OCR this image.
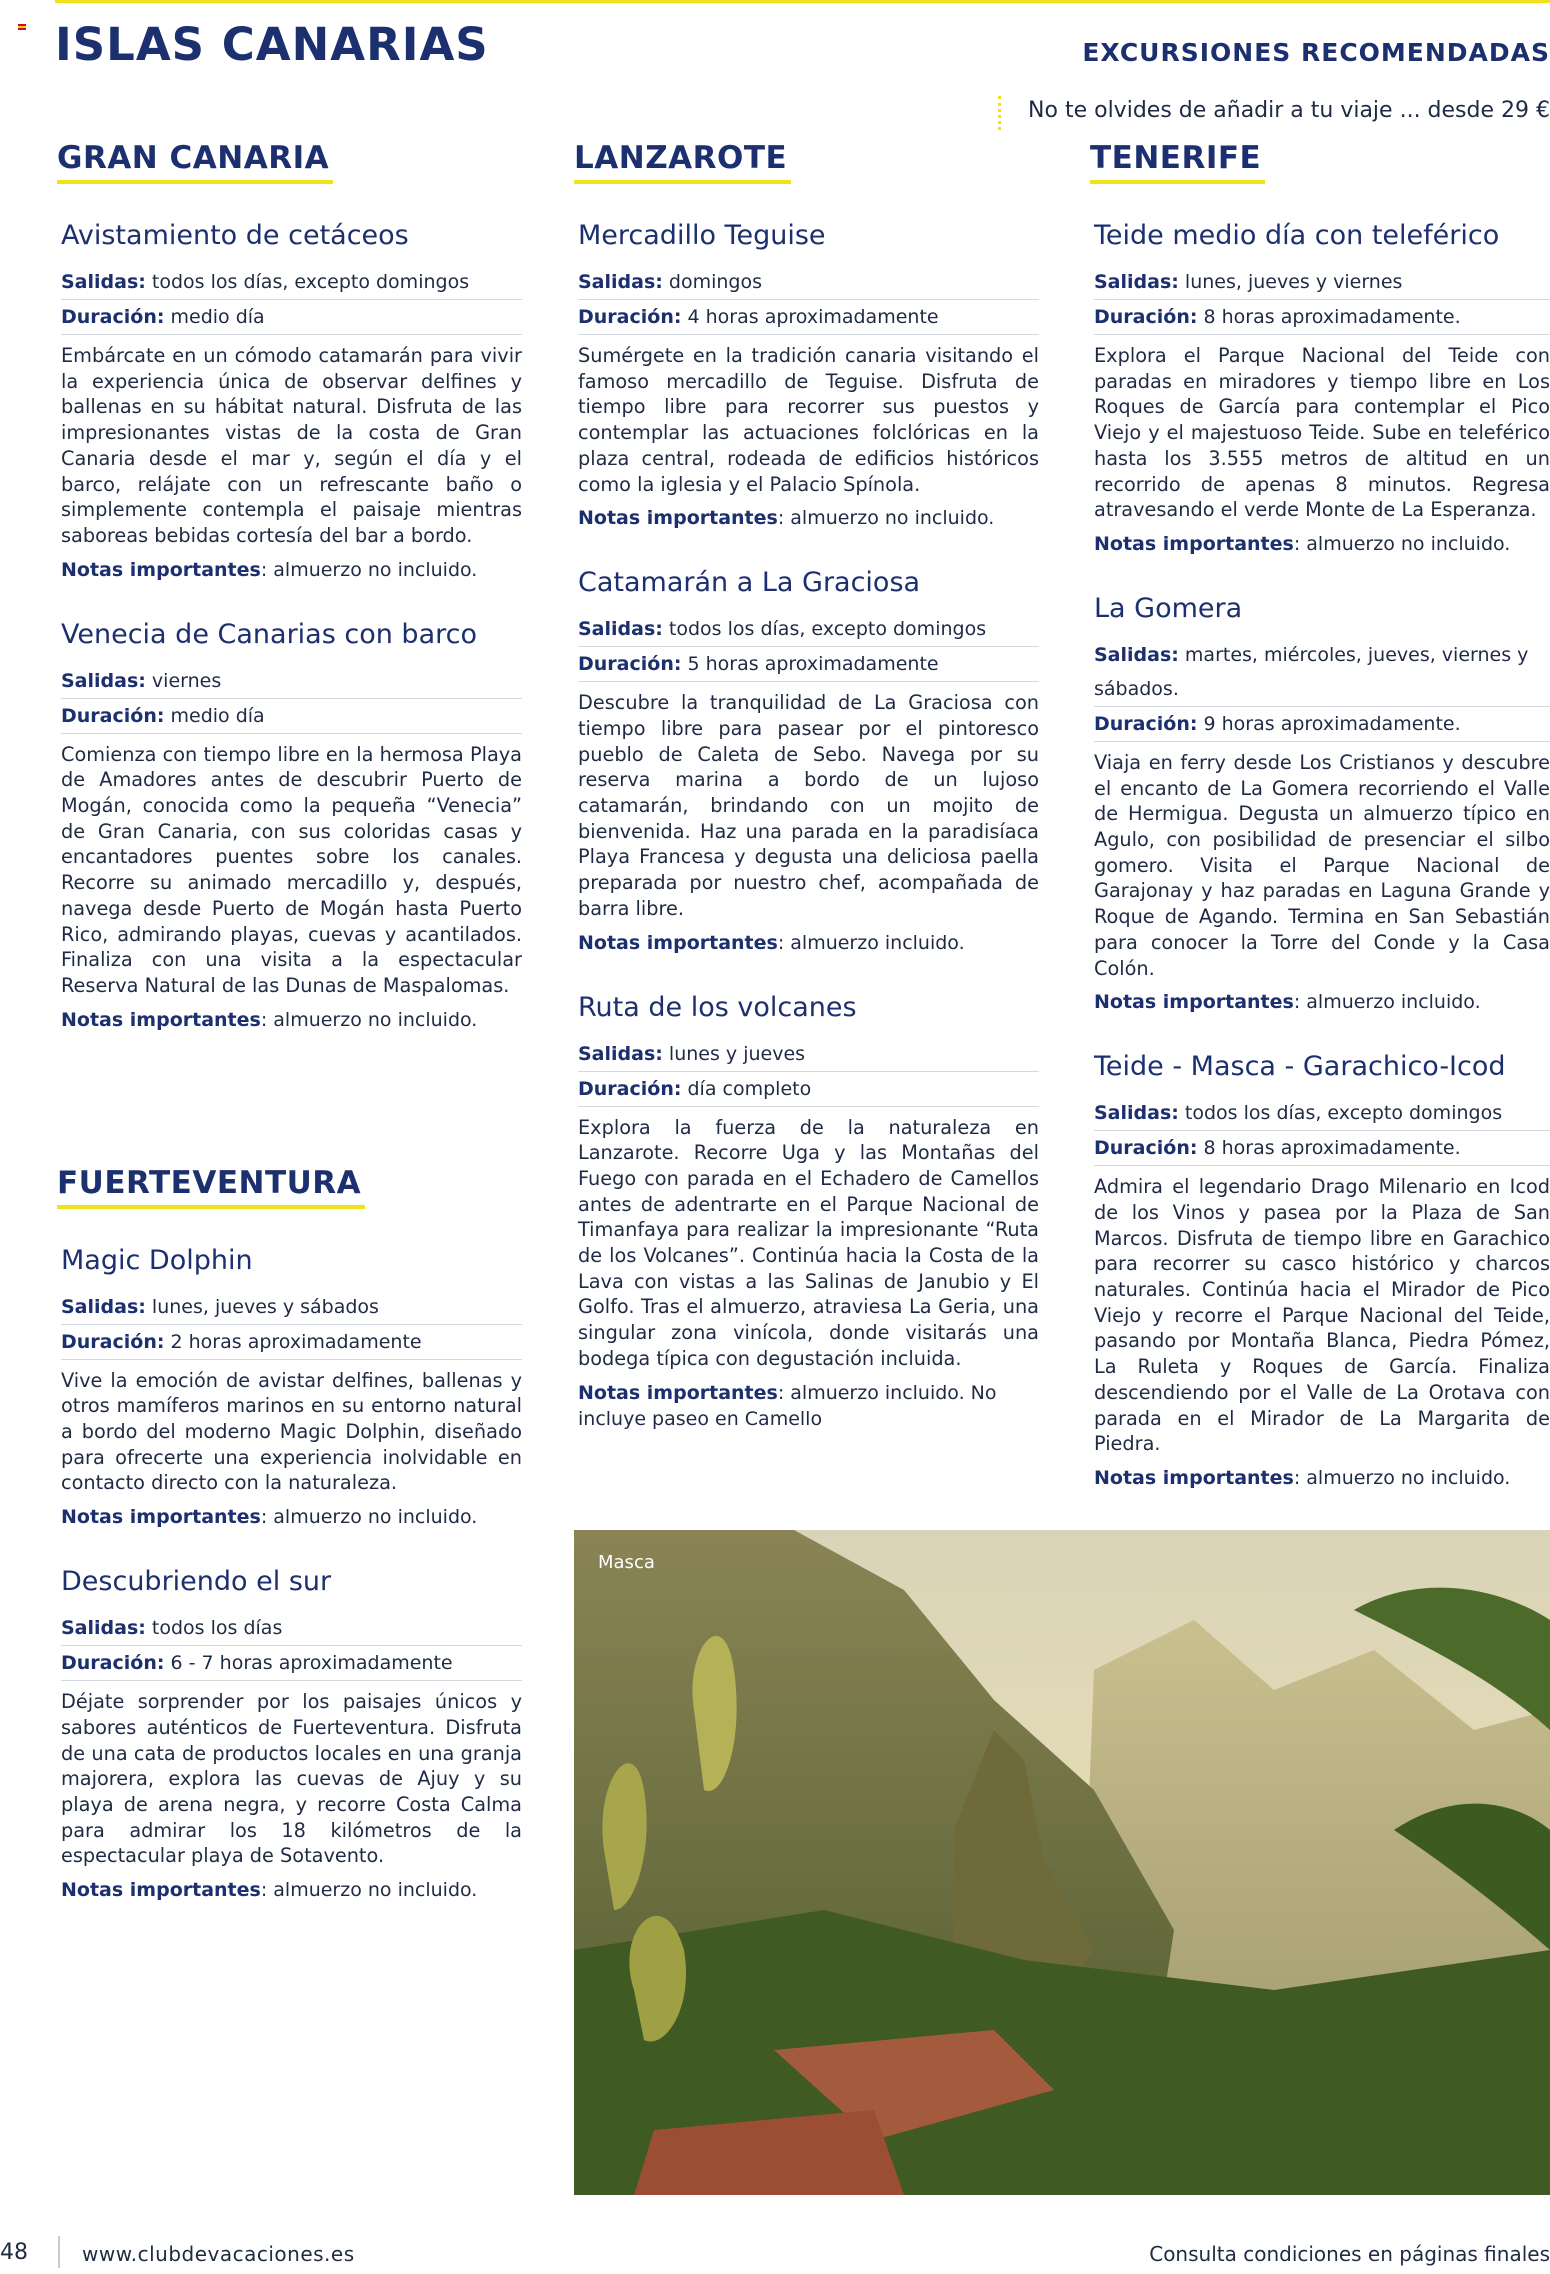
ISLAS CANARIAS	EXCURSIONES RECOMENDADAS
No te olvides de añadir a tu viaje ... desde 29 €
GRAN CANARIA
Avistamiento de cetáceos
Salidas: todos los días, excepto domingos
Duración: medio día

Embárcate en un cómodo catamarán para vivir la experiencia única de observar delfines y ballenas en su hábitat natural. Disfruta de las impresionantes vistas de la costa de Gran Canaria desde el mar y, según el día y el barco, relájate con un refrescante baño o simplemente contempla el paisaje mientras saboreas bebidas cortesía del bar a bordo.

Notas importantes: almuerzo no incluido.
Venecia de Canarias con barco
Salidas: viernes
Duración: medio día

Comienza con tiempo libre en la hermosa Playa de Amadores antes de descubrir Puerto de Mogán, conocida como la pequeña “Venecia” de Gran Canaria, con sus coloridas casas y encantadores puentes sobre los canales. Recorre su animado mercadillo y, después, navega desde Puerto de Mogán hasta Puerto Rico, admirando playas, cuevas y acantilados. Finaliza con una visita a la espectacular Reserva Natural de las Dunas de Maspalomas.

Notas importantes: almuerzo no incluido.
FUERTEVENTURA
Magic Dolphin
Salidas: lunes, jueves y sábados
Duración: 2 horas aproximadamente

Vive la emoción de avistar delfines, ballenas y otros mamíferos marinos en su entorno natural a bordo del moderno Magic Dolphin, diseñado para ofrecerte una experiencia inolvidable en contacto directo con la naturaleza.

Notas importantes: almuerzo no incluido.
Descubriendo el sur
Salidas: todos los días
Duración: 6 - 7 horas aproximadamente

Déjate sorprender por los paisajes únicos y sabores auténticos de Fuerteventura. Disfruta de una cata de productos locales en una granja majorera, explora las cuevas de Ajuy y su playa de arena negra, y recorre Costa Calma para admirar los 18 kilómetros de la espectacular playa de Sotavento.

Notas importantes: almuerzo no incluido.
LANZAROTE
Mercadillo Teguise
Salidas: domingos
Duración: 4 horas aproximadamente

Sumérgete en la tradición canaria visitando el famoso mercadillo de Teguise. Disfruta de tiempo libre para recorrer sus puestos y contemplar las actuaciones folclóricas en la plaza central, rodeada de edificios históricos como la iglesia y el Palacio Spínola.

Notas importantes: almuerzo no incluido.
Catamarán a La Graciosa
Salidas: todos los días, excepto domingos
Duración: 5 horas aproximadamente

Descubre la tranquilidad de La Graciosa con tiempo libre para pasear por el pintoresco pueblo de Caleta de Sebo. Navega por su reserva marina a bordo de un lujoso catamarán, brindando con un mojito de bienvenida. Haz una parada en la paradisíaca Playa Francesa y degusta una deliciosa paella preparada por nuestro chef, acompañada de barra libre.

Notas importantes: almuerzo incluido.
Ruta de los volcanes
Salidas: lunes y jueves
Duración: día completo

Explora la fuerza de la naturaleza en Lanzarote. Recorre Uga y las Montañas del Fuego con parada en el Echadero de Camellos antes de adentrarte en el Parque Nacional de Timanfaya para realizar la impresionante “Ruta de los Volcanes”. Continúa hacia la Costa de la Lava con vistas a las Salinas de Janubio y El Golfo. Tras el almuerzo, atraviesa La Geria, una singular zona vinícola, donde visitarás una bodega típica con degustación incluida.

Notas importantes: almuerzo incluido. No incluye paseo en Camello
TENERIFE
Teide medio día con teleférico
Salidas: lunes, jueves y viernes
Duración: 8 horas aproximadamente.

Explora el Parque Nacional del Teide con paradas en miradores y tiempo libre en Los Roques de García para contemplar el Pico Viejo y el majestuoso Teide. Sube en teleférico hasta los 3.555 metros de altitud en un recorrido de apenas 8 minutos. Regresa atravesando el verde Monte de La Esperanza.

Notas importantes: almuerzo no incluido.
La Gomera
Salidas: martes, miércoles, jueves, viernes y sábados.
Duración: 9 horas aproximadamente.

Viaja en ferry desde Los Cristianos y descubre el encanto de La Gomera recorriendo el Valle de Hermigua. Degusta un almuerzo típico en Agulo, con posibilidad de presenciar el silbo gomero. Visita el Parque Nacional de Garajonay y haz paradas en Laguna Grande y Roque de Agando. Termina en San Sebastián para conocer la Torre del Conde y la Casa Colón.

Notas importantes: almuerzo incluido.
Teide - Masca - Garachico-Icod
Salidas: todos los días, excepto domingos
Duración: 8 horas aproximadamente.

Admira el legendario Drago Milenario en Icod de los Vinos y pasea por la Plaza de San Marcos. Disfruta de tiempo libre en Garachico para recorrer su casco histórico y charcos naturales. Continúa hacia el Mirador de Pico Viejo y recorre el Parque Nacional del Teide, pasando por Montaña Blanca, Piedra Pómez, La Ruleta y Roques de García. Finaliza descendiendo por el Valle de La Orotava con parada en el Mirador de La Margarita de Piedra.

Notas importantes: almuerzo no incluido.
Masca
48	www.clubdevacaciones.es	Consulta condiciones en páginas finales
